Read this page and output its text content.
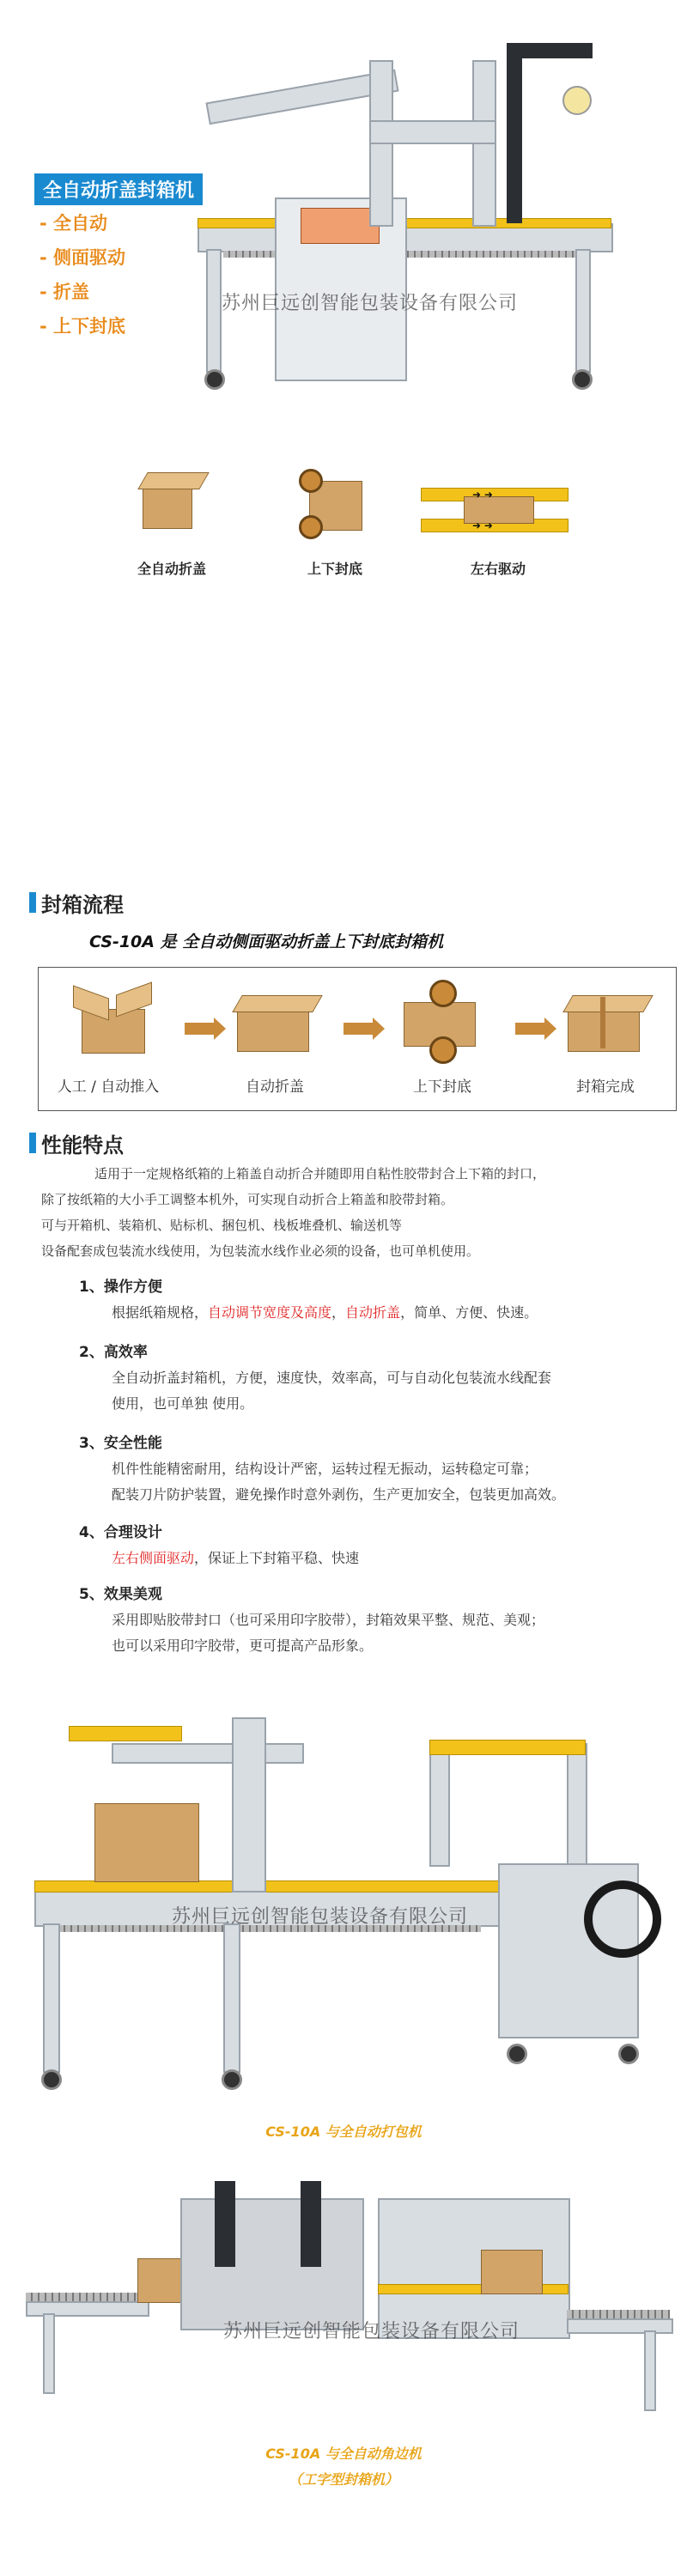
苏州巨远创智能包装设备有限公司
全自动折盖封箱机
- 全自动
- 侧面驱动
- 折盖
- 上下封底
全自动折盖	上下封底
➜ ➜
➜ ➜
左右驱动
封箱流程
CS-10A 是 全自动侧面驱动折盖上下封底封箱机
人工 / 自动推入	自动折盖	上下封底	封箱完成
性能特点
适用于一定规格纸箱的上箱盖自动折合并随即用自粘性胶带封合上下箱的封口，
除了按纸箱的大小手工调整本机外，可实现自动折合上箱盖和胶带封箱。
可与开箱机、装箱机、贴标机、捆包机、栈板堆叠机、输送机等
设备配套成包装流水线使用，为包装流水线作业必须的设备，也可单机使用。
1、操作方便
根据纸箱规格，自动调节宽度及高度，自动折盖，简单、方便、快速。
2、高效率
全自动折盖封箱机，方便，速度快，效率高，可与自动化包装流水线配套
使用，也可单独 使用。
3、安全性能
机件性能精密耐用，结构设计严密，运转过程无振动，运转稳定可靠；
配装刀片防护装置，避免操作时意外剥伤，生产更加安全，包装更加高效。
4、合理设计
左右侧面驱动，保证上下封箱平稳、快速
5、效果美观
采用即贴胶带封口（也可采用印字胶带），封箱效果平整、规范、美观；
也可以采用印字胶带，更可提高产品形象。
苏州巨远创智能包装设备有限公司
CS-10A 与全自动打包机
苏州巨远创智能包装设备有限公司
CS-10A 与全自动角边机
（工字型封箱机）
